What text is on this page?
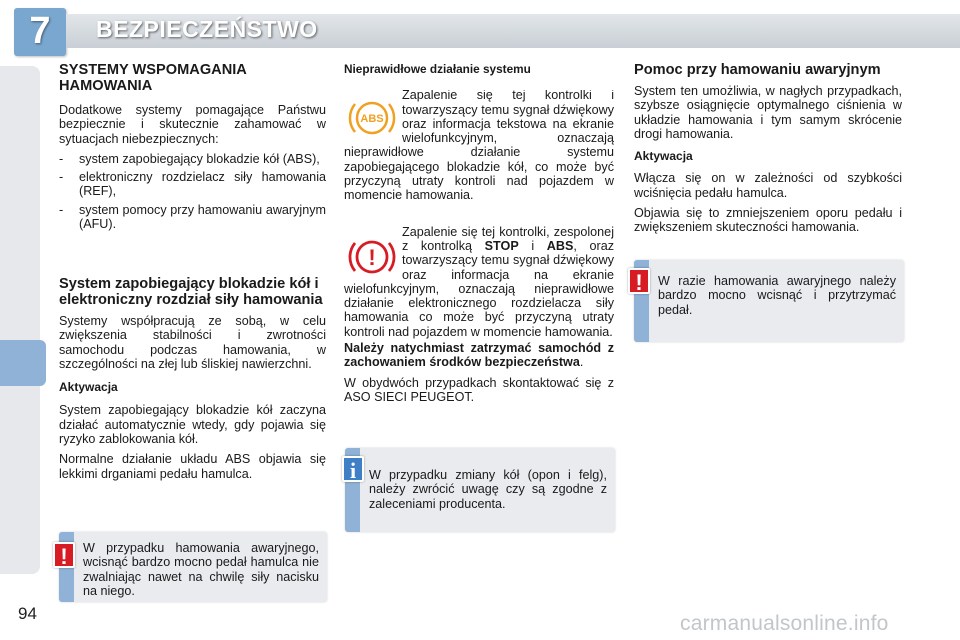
7	BEZPIECZEŃSTWO
SYSTEMY WSPOMAGANIA HAMOWANIA

Dodatkowe systemy pomagające Państwu bezpiecznie i skutecznie zahamować w sytuacjach niebezpiecznych:

- system zapobiegający blokadzie kół (ABS),
- elektroniczny rozdzielacz siły hamowania (REF),
- system pomocy przy hamowaniu awaryjnym (AFU).
System zapobiegający blokadzie kół i elektroniczny rozdział siły hamowania

Systemy współpracują ze sobą, w celu zwiększenia stabilności i zwrotności samochodu podczas hamowania, w szczególności na złej lub śliskiej nawierzchni.

Aktywacja

System zapobiegający blokadzie kół zaczyna działać automatycznie wtedy, gdy pojawia się ryzyko zablokowania kół.

Normalne działanie układu ABS objawia się lekkimi drganiami pedału hamulca.

W przypadku hamowania awaryjnego, wcisnąć bardzo mocno pedał hamulca nie zwalniając nawet na chwilę siły nacisku na niego.
!
Nieprawidłowe działanie systemu
ABS

Zapalenie się tej kontrolki i towarzyszący temu sygnał dźwiękowy oraz informacja tekstowa na ekranie wielofunkcyjnym, oznaczają nieprawidłowe działanie systemu zapobiegającego blokadzie kół, co może być przyczyną utraty kontroli nad pojazdem w momencie hamowania.

!

Zapalenie się tej kontrolki, zespolonej z kontrolką STOP i ABS, oraz towarzyszący temu sygnał dźwiękowy oraz informacja na ekranie wielofunkcyjnym, oznaczają nieprawidłowe działanie elektronicznego rozdzielacza siły hamowania co może być przyczyną utraty kontroli nad pojazdem w momencie hamowania.

Należy natychmiast zatrzymać samochód z zachowaniem środków bezpieczeństwa.

W obydwóch przypadkach skontaktować się z ASO SIECI PEUGEOT.

W przypadku zmiany kół (opon i felg), należy zwrócić uwagę czy są zgodne z zaleceniami producenta.
i
Pomoc przy hamowaniu awaryjnym

System ten umożliwia, w nagłych przypadkach, szybsze osiągnięcie optymalnego ciśnienia w układzie hamowania i tym samym skrócenie drogi hamowania.

Aktywacja

Włącza się on w zależności od szybkości wciśnięcia pedału hamulca.

Objawia się to zmniejszeniem oporu pedału i zwiększeniem skuteczności hamowania.

W razie hamowania awaryjnego należy bardzo mocno wcisnąć i przytrzymać pedał.
!
94	carmanualsonline.info
